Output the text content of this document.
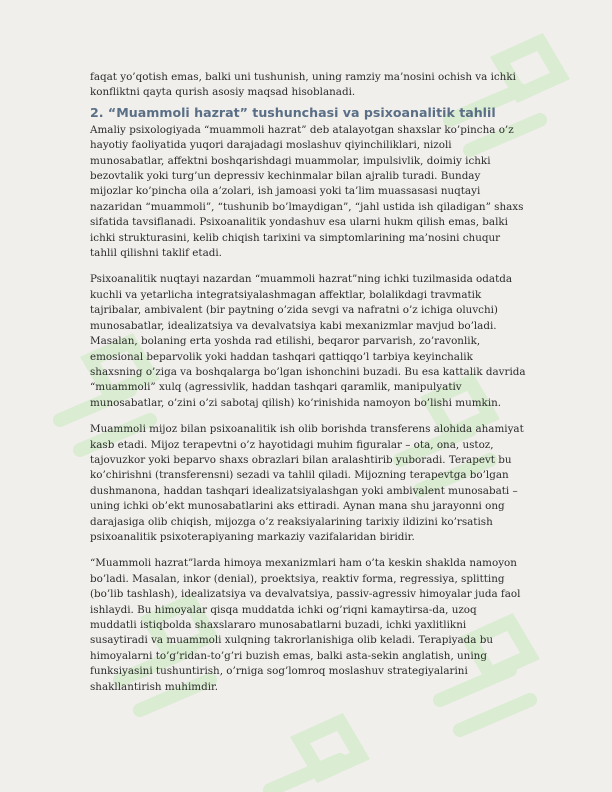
faqat yo’qotish emas, balki uni tushunish, uning ramziy ma’nosini ochish va ichki konfliktni qayta qurish asosiy maqsad hisoblanadi.

2. “Muammoli hazrat” tushunchasi va psixoanalitik tahlil

Amaliy psixologiyada “muammoli hazrat” deb atalayotgan shaxslar ko’pincha o’z hayotiy faoliyatida yuqori darajadagi moslashuv qiyinchiliklari, nizoli munosabatlar, affektni boshqarishdagi muammolar, impulsivlik, doimiy ichki bezovtalik yoki turg’un depressiv kechinmalar bilan ajralib turadi. Bunday mijozlar ko’pincha oila a’zolari, ish jamoasi yoki ta’lim muassasasi nuqtayi nazaridan “muammoli”, “tushunib bo’lmaydigan”, “jahl ustida ish qiladigan” shaxs sifatida tavsiflanadi. Psixoanalitik yondashuv esa ularni hukm qilish emas, balki ichki strukturasini, kelib chiqish tarixini va simptomlarining ma’nosini chuqur tahlil qilishni taklif etadi.

Psixoanalitik nuqtayi nazardan “muammoli hazrat”ning ichki tuzilmasida odatda kuchli va yetarlicha integratsiyalashmagan affektlar, bolalikdagi travmatik tajribalar, ambivalent (bir paytning o’zida sevgi va nafratni o’z ichiga oluvchi) munosabatlar, idealizatsiya va devalvatsiya kabi mexanizmlar mavjud bo’ladi. Masalan, bolaning erta yoshda rad etilishi, beqaror parvarish, zo’ravonlik, emosional beparvolik yoki haddan tashqari qattiqqo’l tarbiya keyinchalik shaxsning o’ziga va boshqalarga bo’lgan ishonchini buzadi. Bu esa kattalik davrida “muammoli” xulq (agressivlik, haddan tashqari qaramlik, manipulyativ munosabatlar, o’zini o’zi sabotaj qilish) ko’rinishida namoyon bo’lishi mumkin.

Muammoli mijoz bilan psixoanalitik ish olib borishda transferens alohida ahamiyat kasb etadi. Mijoz terapevtni o’z hayotidagi muhim figuralar – ota, ona, ustoz, tajovuzkor yoki beparvo shaxs obrazlari bilan aralashtirib yuboradi. Terapevt bu ko’chirishni (transferensni) sezadi va tahlil qiladi. Mijozning terapevtga bo’lgan dushmanona, haddan tashqari idealizatsiyalashgan yoki ambivalent munosabati – uning ichki ob’ekt munosabatlarini aks ettiradi. Aynan mana shu jarayonni ong darajasiga olib chiqish, mijozga o’z reaksiyalarining tarixiy ildizini ko’rsatish psixoanalitik psixoterapiyaning markaziy vazifalaridan biridir.

“Muammoli hazrat”larda himoya mexanizmlari ham o’ta keskin shaklda namoyon bo’ladi. Masalan, inkor (denial), proektsiya, reaktiv forma, regressiya, splitting (bo’lib tashlash), idealizatsiya va devalvatsiya, passiv-agressiv himoyalar juda faol ishlaydi. Bu himoyalar qisqa muddatda ichki og’riqni kamaytirsa-da, uzoq muddatli istiqbolda shaxslararo munosabatlarni buzadi, ichki yaxlitlikni susaytiradi va muammoli xulqning takrorlanishiga olib keladi. Terapiyada bu himoyalarni to’g’ridan-to’g’ri buzish emas, balki asta-sekin anglatish, uning funksiyasini tushuntirish, o’rniga sog’lomroq moslashuv strategiyalarini shakllantirish muhimdir.
